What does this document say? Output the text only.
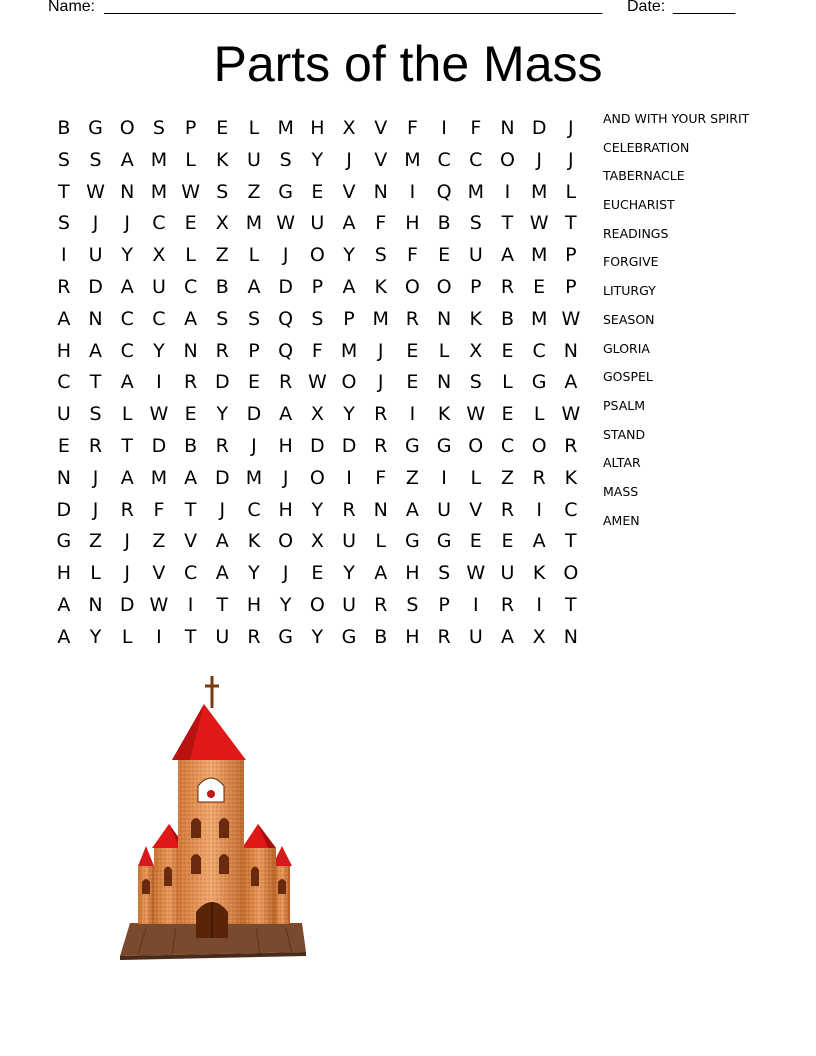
Name: ________________________________________________________	Date: _______
Parts of the Mass
B G O S	P	E	L M H X V	F	I	F	N D	J
S	S	A M L	K U S	Y	J	V M C C O	J	J
T W N M W S	Z G E	V N	I	Q M	I	M L
S	J	J	C	E	X M W U A	F	H B	S	T W T
I	U Y	X	L	Z	L	J	O Y	S	F	E U A M P
R D A U C B A D P	A K O O P	R	E	P
A N C C A	S	S Q S	P M R N K B M W
H A C	Y N R	P Q F M	J	E	L	X	E	C N
C	T	A	I	R D E	R W O	J	E N S	L	G A
U S	L W E	Y D A X	Y	R	I	K W E	L W
E	R	T D B R	J	H D D R G G O C O R
N	J	A M A D M	J	O	I	F	Z	I	L	Z R K
D	J	R	F	T	J	C H Y	R N A U V R	I	C
G Z	J	Z V A K O X U	L	G G E	E	A	T
H	L	J	V C A	Y	J	E	Y	A H S W U K O
A N D W	I	T H Y O U R	S	P	I	R	I	T
A	Y	L	I	T U R G Y G B H R U A X N
AND WITH YOUR SPIRIT
CELEBRATION
TABERNACLE
EUCHARIST
READINGS
FORGIVE
LITURGY
SEASON
GLORIA
GOSPEL
PSALM
STAND
ALTAR
MASS
AMEN
